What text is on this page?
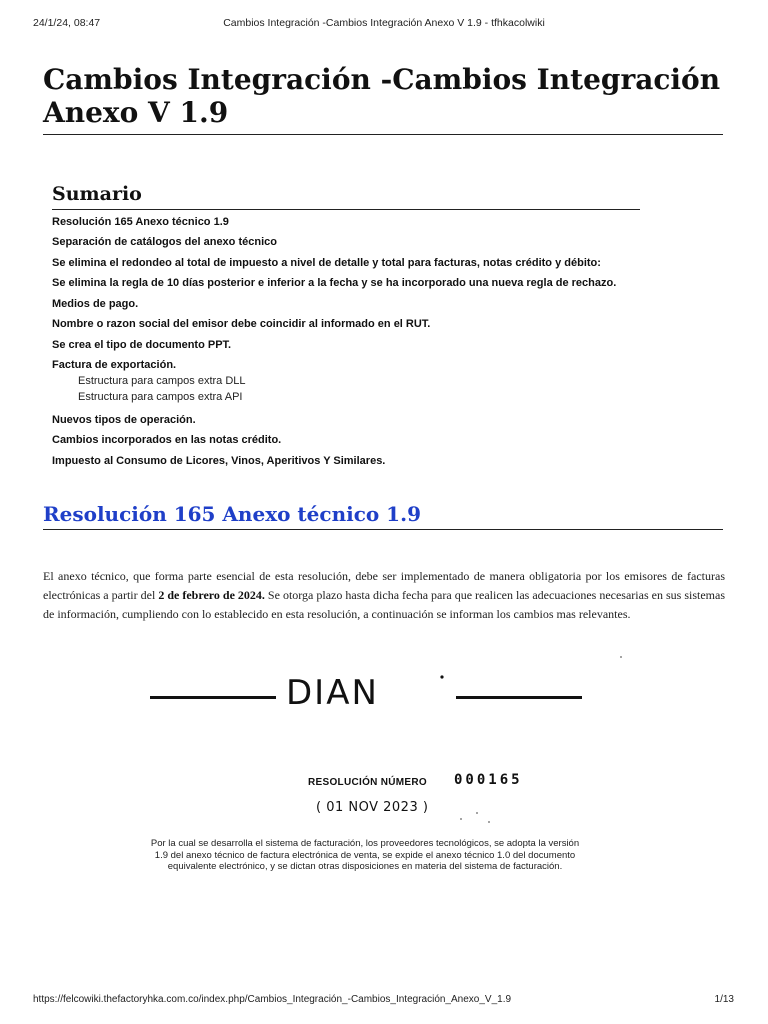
24/1/24, 08:47	Cambios Integración -Cambios Integración Anexo V 1.9 - tfhkacolwiki
Cambios Integración -Cambios Integración
Anexo V 1.9
Sumario
Resolución 165 Anexo técnico 1.9
Separación de catálogos del anexo técnico
Se elimina el redondeo al total de impuesto a nivel de detalle y total para facturas, notas crédito y débito:
Se elimina la regla de 10 días posterior e inferior a la fecha y se ha incorporado una nueva regla de rechazo.
Medios de pago.
Nombre o razon social del emisor debe coincidir al informado en el RUT.
Se crea el tipo de documento PPT.
Factura de exportación.
Estructura para campos extra DLL
Estructura para campos extra API
Nuevos tipos de operación.
Cambios incorporados en las notas crédito.
Impuesto al Consumo de Licores, Vinos, Aperitivos Y Similares.
Resolución 165 Anexo técnico 1.9

El anexo técnico, que forma parte esencial de esta resolución, debe ser implementado de manera obligatoria por los emisores de facturas electrónicas a partir del 2 de febrero de 2024. Se otorga plazo hasta dicha fecha para que realicen las adecuaciones necesarias en sus sistemas de información, cumpliendo con lo establecido en esta resolución, a continuación se informan los cambios mas relevantes.

DIAN
RESOLUCIÓN NÚMERO 000165
( 01 NOV 2023 )
Por la cual se desarrolla el sistema de facturación, los proveedores tecnológicos, se adopta la versión 1.9 del anexo técnico de factura electrónica de venta, se expide el anexo técnico 1.0 del documento equivalente electrónico, y se dictan otras disposiciones en materia del sistema de facturación.
https://felcowiki.thefactoryhka.com.co/index.php/Cambios_Integración_-Cambios_Integración_Anexo_V_1.9	1/13
